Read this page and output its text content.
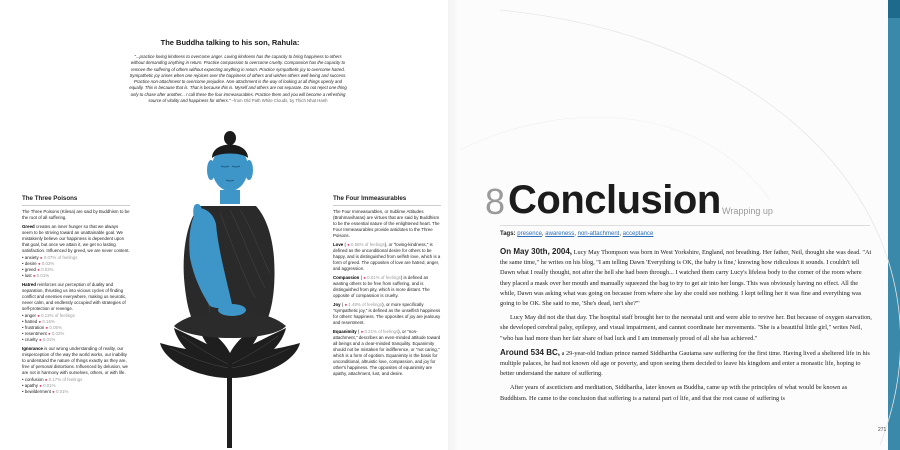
The Buddha talking to his son, Rahula:
"...practice loving kindness to overcome anger. Loving kindness has the capacity to bring happiness to others without demanding anything in return. Practice compassion to overcome cruelty. Compassion has the capacity to remove the suffering of others without expecting anything in return. Practice sympathetic joy to overcome hatred. Sympathetic joy arises when one rejoices over the happiness of others and wishes others well-being and success. Practice non-attachment to overcome prejudice. Non-attachment is the way of looking at all things openly and equally. This is because that is. That is because this is. Myself and others are not separate. Do not reject one thing only to chase after another... I call these the four immeasurables. Practice them and you will become a refreshing source of vitality and happiness for others." –from Old Path White Clouds, by Thich Nhat Hanh
The Three Poisons

The Three Poisons (Kilesa) are said by Buddhism to be the root of all suffering.

Greed creates an inner hunger so that we always seem to be striving toward an unattainable goal. We mistakenly believe our happiness is dependent upon that goal, but once we attain it, we get no lasting satisfaction. Influenced by greed, we are never content.

• anxiety ● 0.07% of feelings
• desire ● 0.02%
• greed ● 0.02%
• lust ● 0.01%

Hatred reinforces our perception of duality and separation, thrusting us into vicious cycles of finding conflict and enemies everywhere, making us neurotic, never calm, and endlessly occupied with strategies of self-protection or revenge.

• anger ● 0.12% of feelings
• hatred ● 0.16%
• frustration ● 0.05%
• resentment ● 0.02%
• cruelty ● 0.01%

Ignorance is our wrong understanding of reality, our misperception of the way the world works, our inability to understand the nature of things exactly as they are, free of personal distortions. Influenced by delusion, we are not in harmony with ourselves, others, or with life.

• confusion ● 0.17% of feelings
• apathy ● 0.01%
• bewilderment ● 0.01%
The Four Immeasurables

The Four Immeasurables, or Sublime Attitudes (Brahmaviharas) are virtues that are said by Buddhism to be the essential nature of the enlightened heart. The Four Immeasurables provide antidotes to the Three Poisons.

Love ( ● 0.58% of feelings), or "loving-kindness," is defined as the unconditional desire for others to be happy, and is distinguished from selfish love, which is a form of greed. The opposites of love are hatred, anger, and aggression.

Compassion ( ● 0.01% of feelings) is defined as wanting others to be free from suffering, and is distinguished from pity, which is more distant. The opposite of compassion is cruelty.

Joy ( ● 1.48% of feelings), or more specifically "sympathetic joy," is defined as the unselfish happiness for others' happiness. The opposites of joy are jealousy and resentment.

Equanimity ( ● 0.21% of feelings), or "non-attachment," describes an even-minded attitude toward all beings and a clear-minded tranquility. Equanimity should not be mistaken for indifference, or "not caring," which is a form of egotism. Equanimity is the basis for unconditional, altruistic love, compassion, and joy for other's happiness. The opposites of equanimity are apathy, attachment, lust, and desire.

8 Conclusion Wrapping up
Tags: presence, awareness, non-attachment, acceptance

On May 30th, 2004, Lucy May Thompson was born in West Yorkshire, England, not breathing. Her father, Neil, thought she was dead. "At the same time," he writes on his blog, "I am telling Dawn 'Everything is OK, the baby is fine,' knowing how ridiculous it sounds. I couldn't tell Dawn what I really thought, not after the hell she had been through... I watched them carry Lucy's lifeless body to the corner of the room where they placed a mask over her mouth and manually squeezed the bag to try to get air into her lungs. This was obviously having no effect. All the while, Dawn was asking what was going on because from where she lay she could see nothing. I kept telling her it was fine and everything was going to be OK. She said to me, 'She's dead, isn't she?'"

Lucy May did not die that day. The hospital staff brought her to the neonatal unit and were able to revive her. But because of oxygen starvation, she developed cerebral palsy, epilepsy, and visual impairment, and cannot coordinate her movements. "She is a beautiful little girl," writes Neil, "who has had more than her fair share of bad luck and I am immensely proud of all she has achieved."

Around 534 BC, a 29-year-old Indian prince named Siddhartha Gautama saw suffering for the first time. Having lived a sheltered life in his multiple palaces, he had not known old age or poverty, and upon seeing them decided to leave his kingdom and enter a monastic life, hoping to better understand the nature of suffering.

After years of asceticism and meditation, Siddhartha, later known as Buddha, came up with the principles of what would be known as Buddhism. He came to the conclusion that suffering is a natural part of life, and that the root cause of suffering is

271
